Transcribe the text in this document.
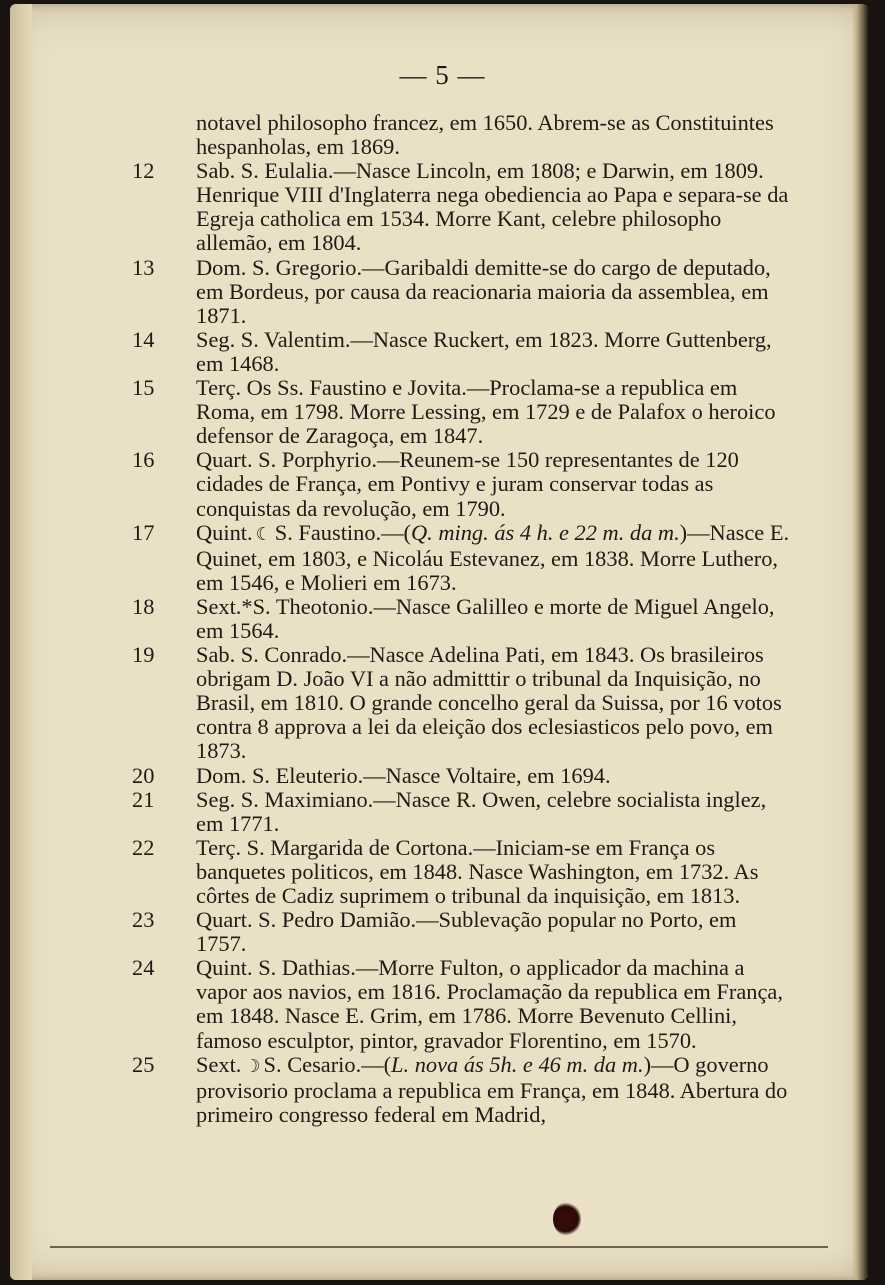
— 5 —
notavel philosopho francez, em 1650. Abrem-se as Constituintes hespanholas, em 1869.
12	Sab. S. Eulalia.—Nasce Lincoln, em 1808; e Darwin, em 1809. Henrique VIII d'Inglaterra nega obediencia ao Papa e separa-se da Egreja catholica em 1534. Morre Kant, celebre philosopho allemão, em 1804.
13	Dom. S. Gregorio.—Garibaldi demitte-se do cargo de deputado, em Bordeus, por causa da reacionaria maioria da assemblea, em 1871.
14	Seg. S. Valentim.—Nasce Ruckert, em 1823. Morre Guttenberg, em 1468.
15	Terç. Os Ss. Faustino e Jovita.—Proclama-se a republica em Roma, em 1798. Morre Lessing, em 1729 e de Palafox o heroico defensor de Zaragoça, em 1847.
16	Quart. S. Porphyrio.—Reunem-se 150 representantes de 120 cidades de França, em Pontivy e juram conservar todas as conquistas da revolução, em 1790.
17	Quint. ☾ S. Faustino.—(Q. ming. ás 4 h. e 22 m. da m.)—Nasce E. Quinet, em 1803, e Nicoláu Estevanez, em 1838. Morre Luthero, em 1546, e Molieri em 1673.
18	Sext.*S. Theotonio.—Nasce Galilleo e morte de Miguel Angelo, em 1564.
19	Sab. S. Conrado.—Nasce Adelina Pati, em 1843. Os brasileiros obrigam D. João VI a não admitttir o tribunal da Inquisição, no Brasil, em 1810. O grande concelho geral da Suissa, por 16 votos contra 8 approva a lei da eleição dos eclesiasticos pelo povo, em 1873.
20	Dom. S. Eleuterio.—Nasce Voltaire, em 1694.
21	Seg. S. Maximiano.—Nasce R. Owen, celebre socialista inglez, em 1771.
22	Terç. S. Margarida de Cortona.—Iniciam-se em França os banquetes politicos, em 1848. Nasce Washington, em 1732. As côrtes de Cadiz suprimem o tribunal da inquisição, em 1813.
23	Quart. S. Pedro Damião.—Sublevação popular no Porto, em 1757.
24	Quint. S. Dathias.—Morre Fulton, o applicador da machina a vapor aos navios, em 1816. Proclamação da republica em França, em 1848. Nasce E. Grim, em 1786. Morre Bevenuto Cellini, famoso esculptor, pintor, gravador Florentino, em 1570.
25	Sext. ☽ S. Cesario.—(L. nova ás 5h. e 46 m. da m.)—O governo provisorio proclama a republica em França, em 1848. Abertura do primeiro congresso federal em Madrid,
